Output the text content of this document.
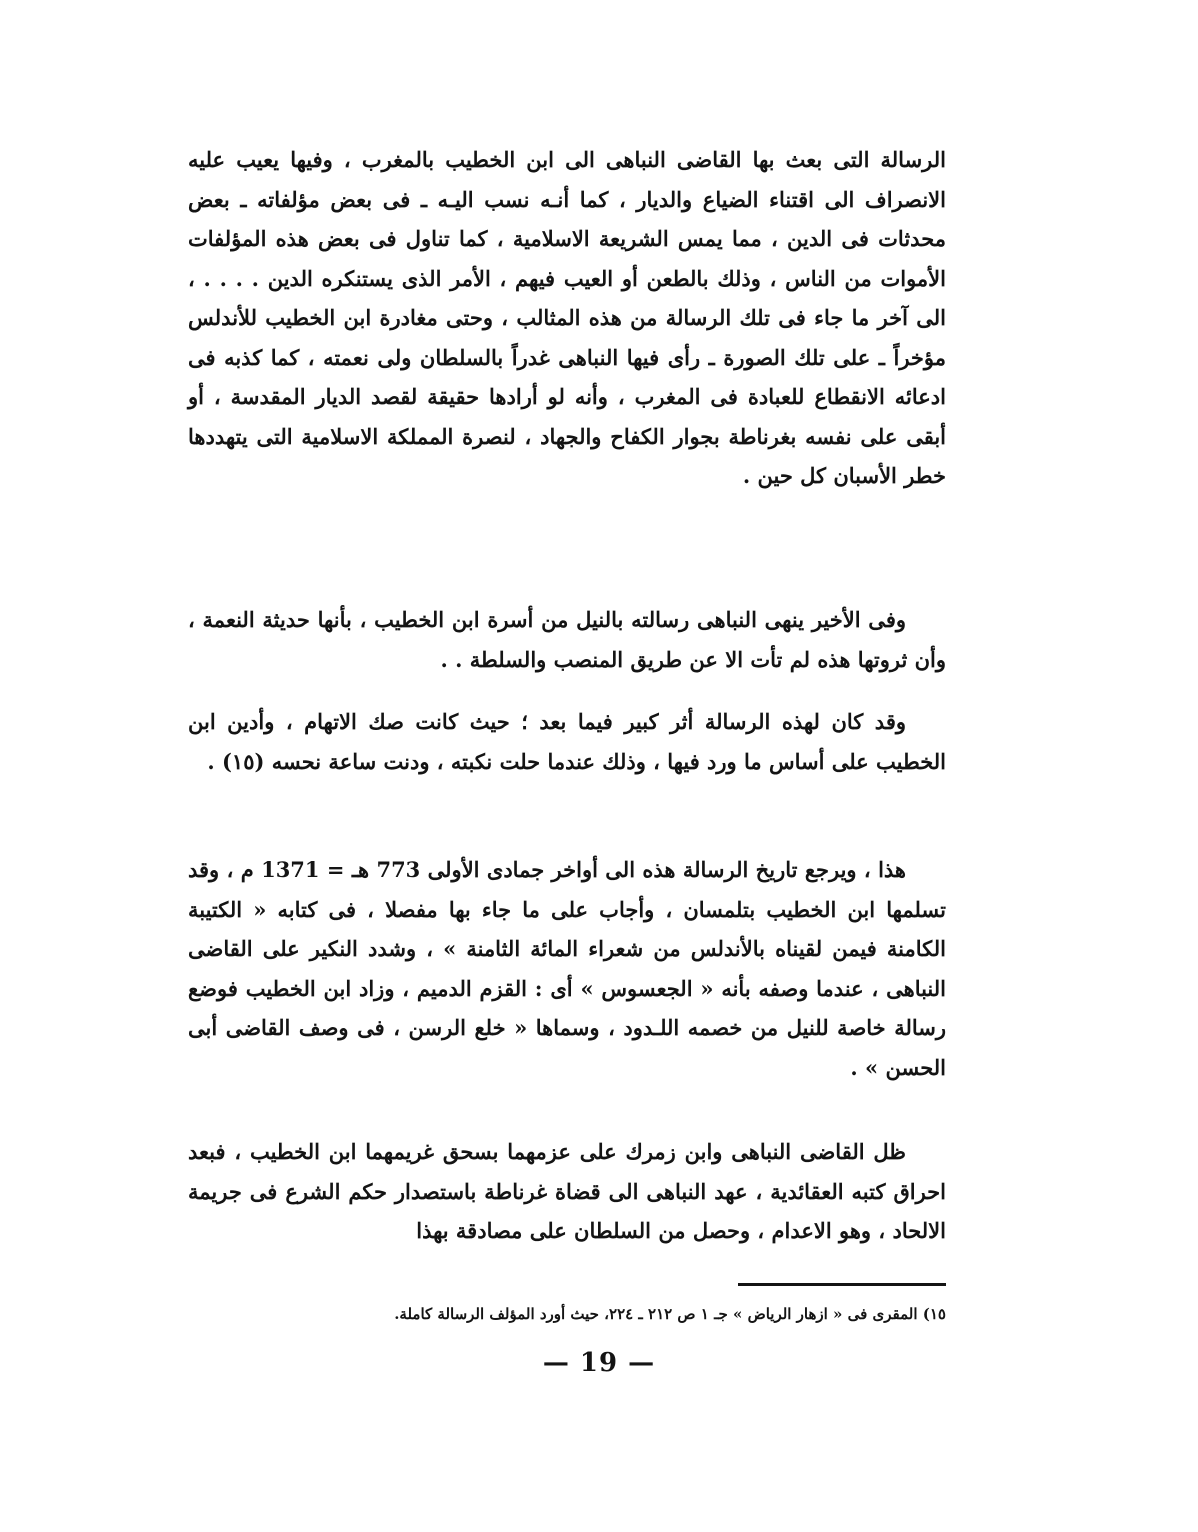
الرسالة التى بعث بها القاضى النباهى الى ابن الخطيب بالمغرب ، وفيها يعيب عليه الانصراف الى اقتناء الضياع والديار ، كما أنـه نسب اليـه ـ فى بعض مؤلفاته ـ بعض محدثات فى الدين ، مما يمس الشريعة الاسلامية ، كما تناول فى بعض هذه المؤلفات الأموات من الناس ، وذلك بالطعن أو العيب فيهم ، الأمر الذى يستنكره الدين . . . . ، الى آخر ما جاء فى تلك الرسالة من هذه المثالب ، وحتى مغادرة ابن الخطيب للأندلس مؤخراً ـ على تلك الصورة ـ رأى فيها النباهى غدراً بالسلطان ولى نعمته ، كما كذبه فى ادعائه الانقطاع للعبادة فى المغرب ، وأنه لو أرادها حقيقة لقصد الديار المقدسة ، أو أبقى على نفسه بغرناطة بجوار الكفاح والجهاد ، لنصرة المملكة الاسلامية التى يتهددها خطر الأسبان كل حين .

وفى الأخير ينهى النباهى رسالته بالنيل من أسرة ابن الخطيب ، بأنها حديثة النعمة ، وأن ثروتها هذه لم تأت الا عن طريق المنصب والسلطة . .

وقد كان لهذه الرسالة أثر كبير فيما بعد ؛ حيث كانت صك الاتهام ، وأدين ابن الخطيب على أساس ما ورد فيها ، وذلك عندما حلت نكبته ، ودنت ساعة نحسه (١٥) .

هذا ، ويرجع تاريخ الرسالة هذه الى أواخر جمادى الأولى 773 هـ = 1371 م ، وقد تسلمها ابن الخطيب بتلمسان ، وأجاب على ما جاء بها مفصلا ، فى كتابه « الكتيبة الكامنة فيمن لقيناه بالأندلس من شعراء المائة الثامنة » ، وشدد النكير على القاضى النباهى ، عندما وصفه بأنه « الجعسوس » أى : القزم الدميم ، وزاد ابن الخطيب فوضع رسالة خاصة للنيل من خصمه اللـدود ، وسماها « خلع الرسن ، فى وصف القاضى أبى الحسن » .

ظل القاضى النباهى وابن زمرك على عزمهما بسحق غريمهما ابن الخطيب ، فبعد احراق كتبه العقائدية ، عهد النباهى الى قضاة غرناطة باستصدار حكم الشرع فى جريمة الالحاد ، وهو الاعدام ، وحصل من السلطان على مصادقة بهذا

١٥) المقرى فى « ازهار الرياض » جـ ١ ص ٢١٢ ـ ٢٢٤، حيث أورد المؤلف الرسالة كاملة.
— 19 —
